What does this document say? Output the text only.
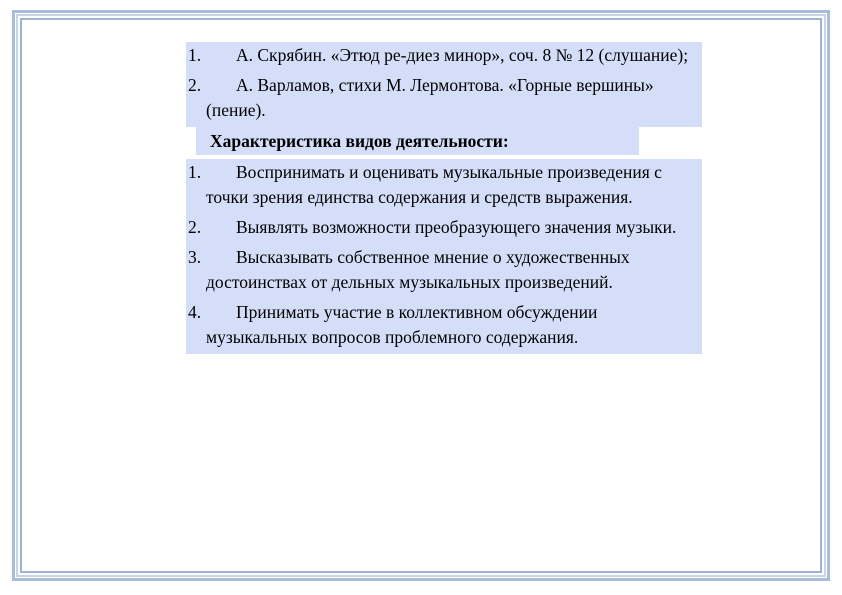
1. А. Скрябин. «Этюд ре-диез минор», соч. 8 № 12 (слушание);
2. А. Варламов, стихи М. Лермонтова. «Горные вершины» (пение).
Характеристика видов деятельности:
1. Воспринимать и оценивать музыкальные произведения с точки зрения единства содержания и средств выражения.
2. Выявлять возможности преобразующего значения музыки.
3. Высказывать собственное мнение о художественных достоинствах от дельных музыкальных произведений.
4. Принимать участие в коллективном обсуждении музыкальных вопросов проблемного содержания.
